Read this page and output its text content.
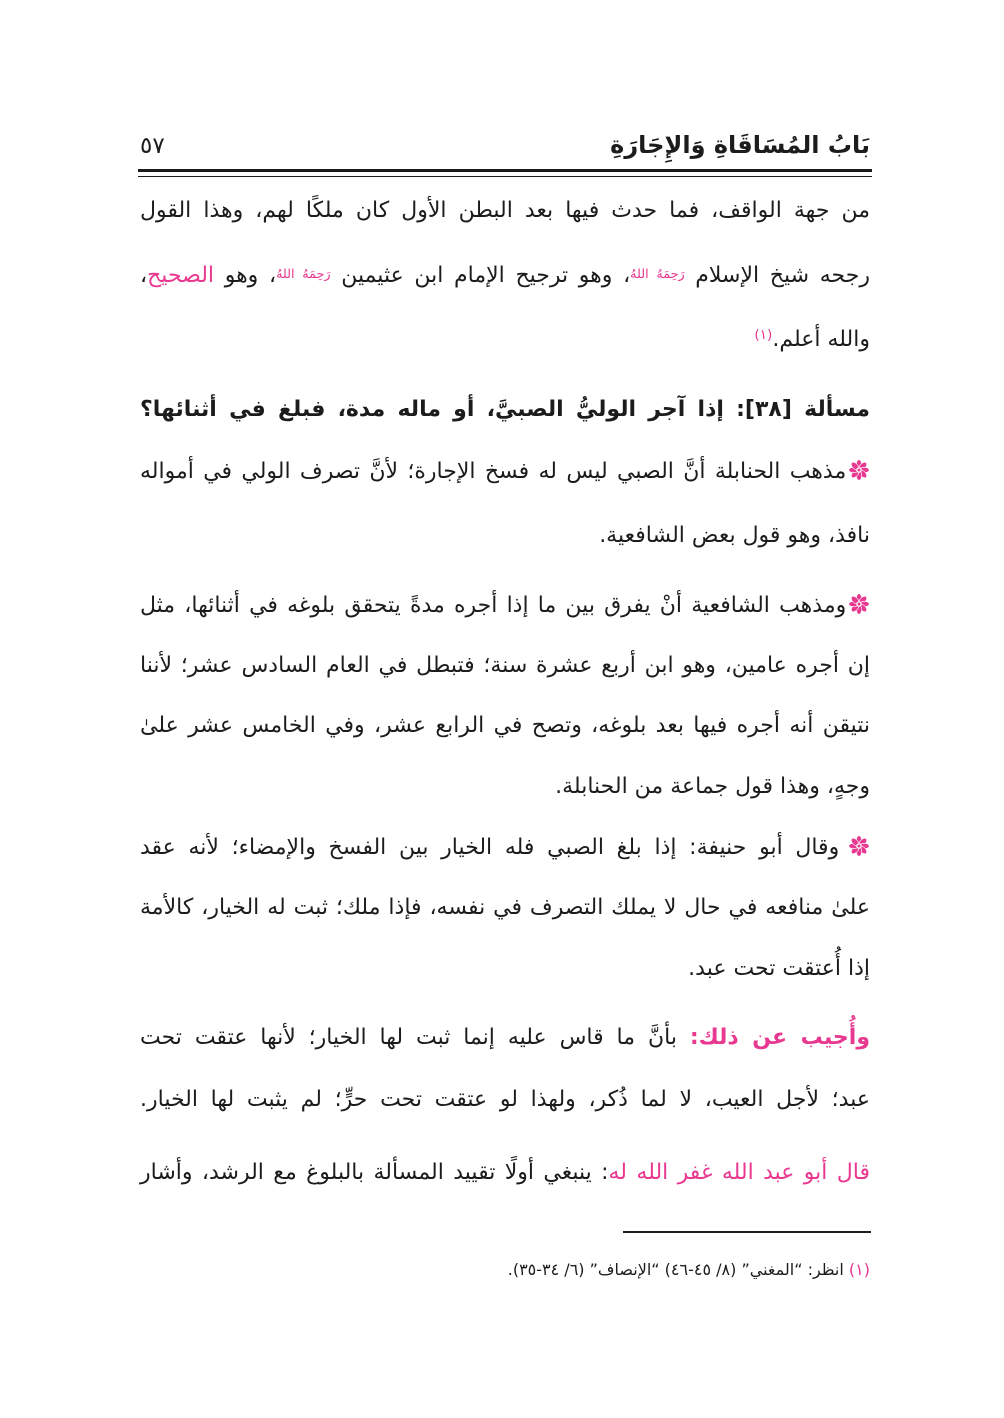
بَابُ المُسَاقَاةِ وَالإِجَارَةِ
٥٧
من جهة الواقف، فما حدث فيها بعد البطن الأول كان ملكًا لهم، وهذا القول
رجحه شيخ الإسلام رَحِمَهُ اللهُ، وهو ترجيح الإمام ابن عثيمين رَحِمَهُ اللهُ، وهو الصحيح،
والله أعلم.$^{(١)}$
مسألة [٣٨]: إذا آجر الوليُّ الصبيَّ، أو ماله مدة، فبلغ في أثنائها؟
مذهب الحنابلة أنَّ الصبي ليس له فسخ الإجارة؛ لأنَّ تصرف الولي في أمواله
نافذ، وهو قول بعض الشافعية.
ومذهب الشافعية أنْ يفرق بين ما إذا أجره مدةً يتحقق بلوغه في أثنائها، مثل
إن أجره عامين، وهو ابن أربع عشرة سنة؛ فتبطل في العام السادس عشر؛ لأننا
نتيقن أنه أجره فيها بعد بلوغه، وتصح في الرابع عشر، وفي الخامس عشر علىٰ
وجهٍ، وهذا قول جماعة من الحنابلة.
وقال أبو حنيفة: إذا بلغ الصبي فله الخيار بين الفسخ والإمضاء؛ لأنه عقد
علىٰ منافعه في حال لا يملك التصرف في نفسه، فإذا ملك؛ ثبت له الخيار، كالأمة
إذا أُعتقت تحت عبد.
وأُجيب عن ذلك: بأنَّ ما قاس عليه إنما ثبت لها الخيار؛ لأنها عتقت تحت
عبد؛ لأجل العيب، لا لما ذُكر، ولهذا لو عتقت تحت حرٍّ؛ لم يثبت لها الخيار.
قال أبو عبد الله غفر الله له: ينبغي أولًا تقييد المسألة بالبلوغ مع الرشد، وأشار
(١) انظر: “المغني” (٨/ ٤٥-٤٦) “الإنصاف” (٦/ ٣٤-٣٥).
